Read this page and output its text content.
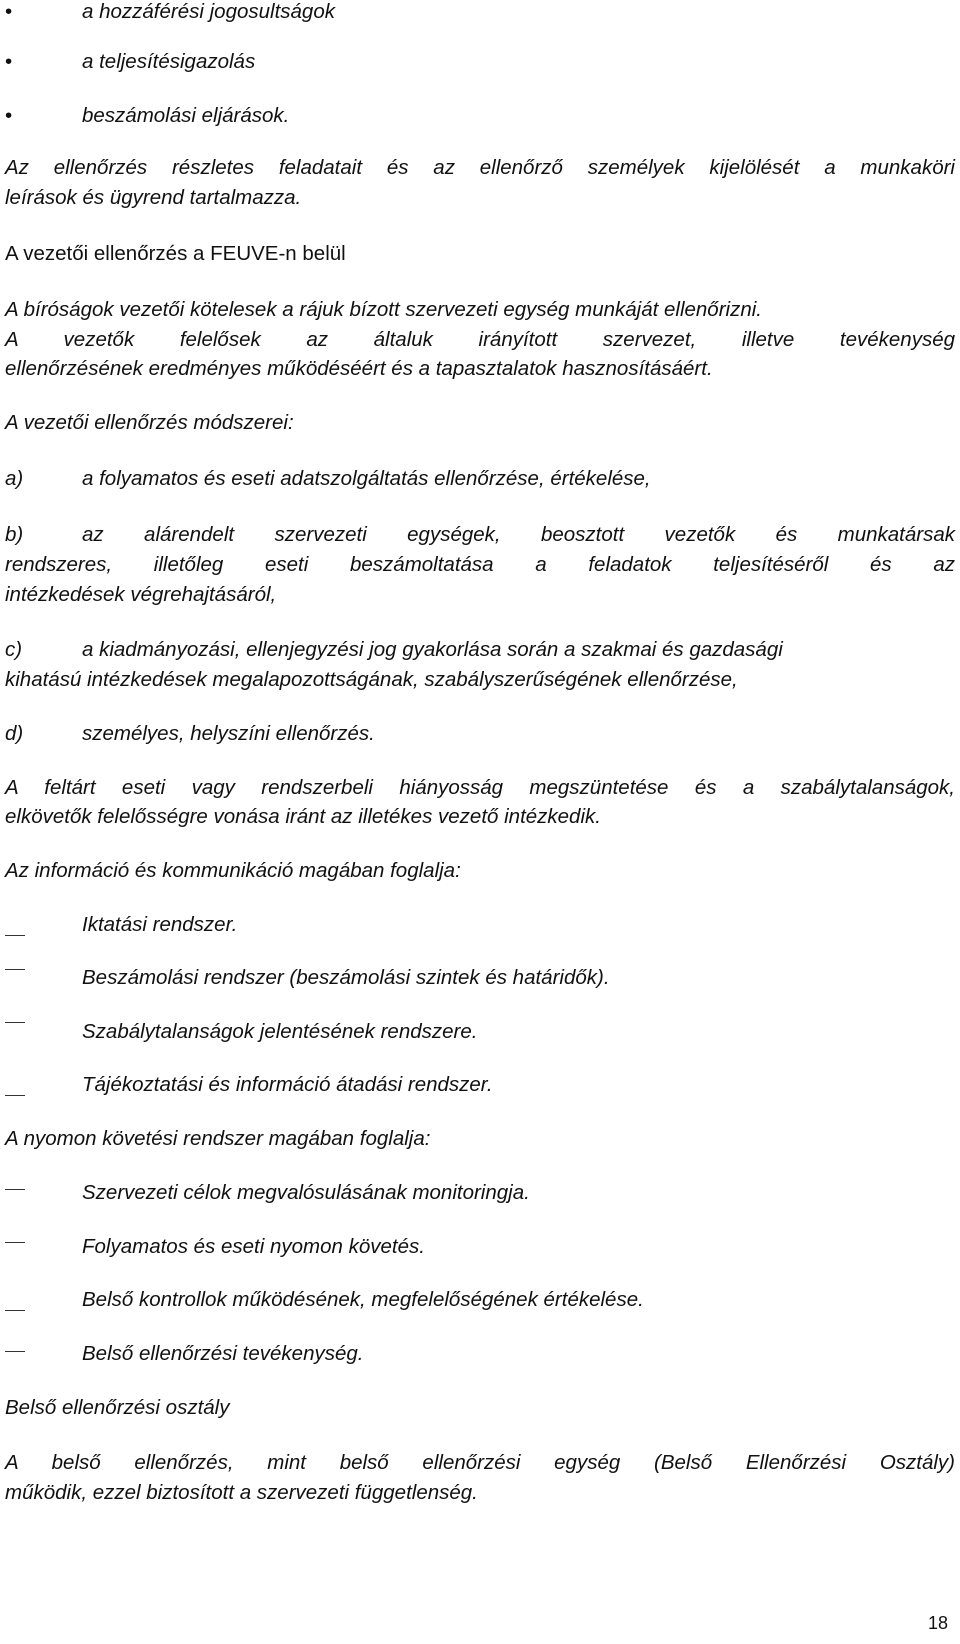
•	a hozzáférési jogosultságok
•	a teljesítésigazolás
•	beszámolási eljárások.
Az ellenőrzés részletes feladatait és az ellenőrző személyek kijelölését a munkaköri
leírások és ügyrend tartalmazza.
A vezetői ellenőrzés a FEUVE-n belül
A bíróságok vezetői kötelesek a rájuk bízott szervezeti egység munkáját ellenőrizni.
A vezetők felelősek az általuk irányított szervezet, illetve tevékenység
ellenőrzésének eredményes működéséért és a tapasztalatok hasznosításáért.
A vezetői ellenőrzés módszerei:
a)	a folyamatos és eseti adatszolgáltatás ellenőrzése, értékelése,
b)	az alárendelt szervezeti egységek, beosztott vezetők és munkatársak
rendszeres, illetőleg eseti beszámoltatása a feladatok teljesítéséről és az
intézkedések végrehajtásáról,
c)	a kiadmányozási, ellenjegyzési jog gyakorlása során a szakmai és gazdasági
kihatású intézkedések megalapozottságának, szabályszerűségének ellenőrzése,
d)	személyes, helyszíni ellenőrzés.
A feltárt eseti vagy rendszerbeli hiányosság megszüntetése és a szabálytalanságok,
elkövetők felelősségre vonása iránt az illetékes vezető intézkedik.
Az információ és kommunikáció magában foglalja:
Iktatási rendszer.
Beszámolási rendszer (beszámolási szintek és határidők).
Szabálytalanságok jelentésének rendszere.
Tájékoztatási és információ átadási rendszer.
A nyomon követési rendszer magában foglalja:
Szervezeti célok megvalósulásának monitoringja.
Folyamatos és eseti nyomon követés.
Belső kontrollok működésének, megfelelőségének értékelése.
Belső ellenőrzési tevékenység.
Belső ellenőrzési osztály
A belső ellenőrzés, mint belső ellenőrzési egység (Belső Ellenőrzési Osztály)
működik, ezzel biztosított a szervezeti függetlenség.
18
